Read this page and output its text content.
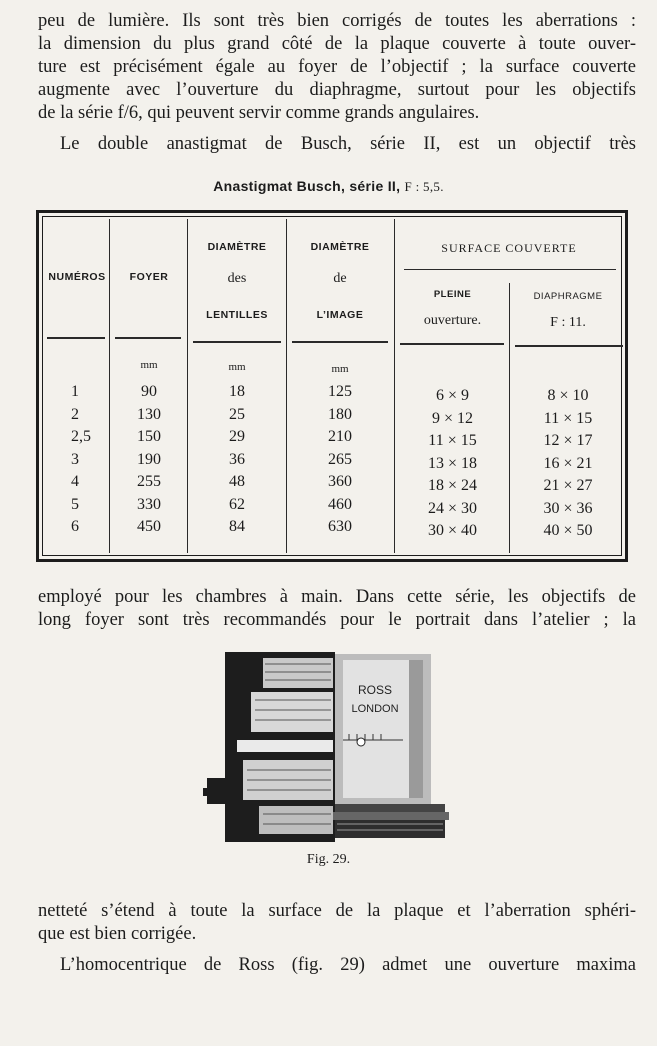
peu de lumière. Ils sont très bien corrigés de toutes les aberrations :
la dimension du plus grand côté de la plaque couverte à toute ouver-
ture est précisément égale au foyer de l’objectif ; la surface couverte
augmente avec l’ouverture du diaphragme, surtout pour les objectifs
de la série f/6, qui peuvent servir comme grands angulaires.
Le double anastigmat de Busch, série II, est un objectif très
Anastigmat Busch, série II, F : 5,5.
NUMÉROS	FOYER
DIAMÈTRE
des
LENTILLES
DIAMÈTRE
de
L’IMAGE
SURFACE COUVERTE
PLEINE
ouverture.
DIAPHRAGME
F : 11.
mm	mm	mm
1	90	18	125	6 × 9	8 × 10
2	130	25	180	9 × 12	11 × 15
2,5	150	29	210	11 × 15	12 × 17
3	190	36	265	13 × 18	16 × 21
4	255	48	360	18 × 24	21 × 27
5	330	62	460	24 × 30	30 × 36
6	450	84	630	30 × 40	40 × 50
employé pour les chambres à main. Dans cette série, les objectifs de
long foyer sont très recommandés pour le portrait dans l’atelier ; la
ROSS
LONDON
Fig. 29.
netteté s’étend à toute la surface de la plaque et l’aberration sphéri-
que est bien corrigée.
L’homocentrique de Ross (fig. 29) admet une ouverture maxima
